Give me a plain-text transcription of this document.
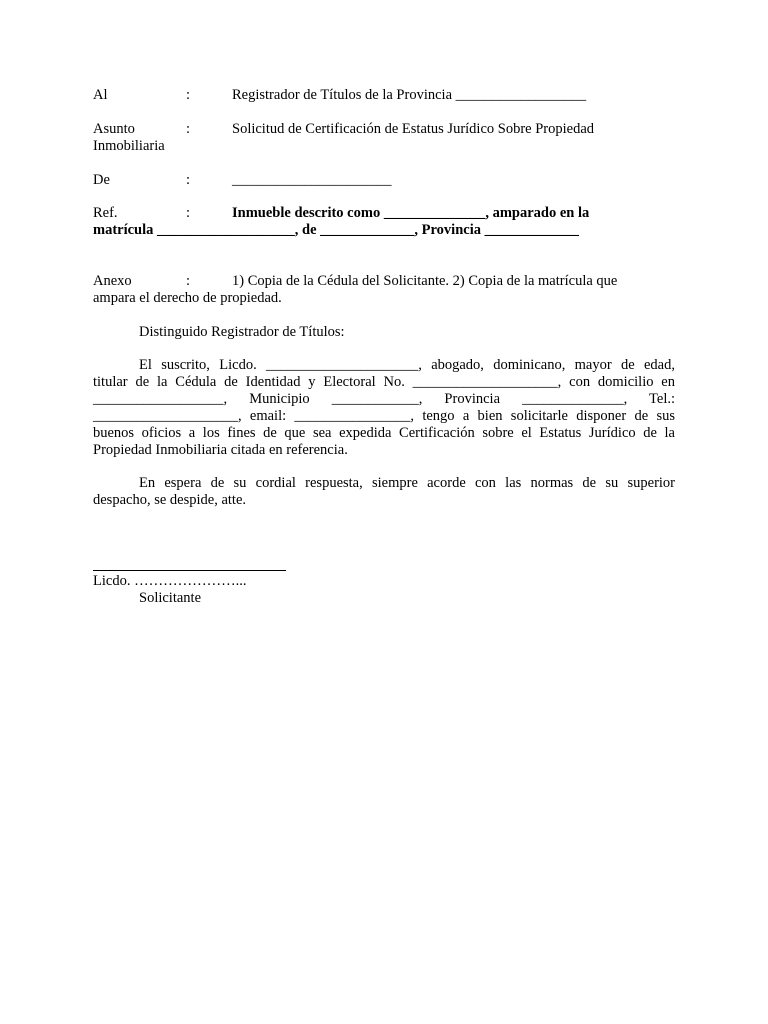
Al	:	Registrador de Títulos de la Provincia __________________
Asunto	:	Solicitud de Certificación de Estatus Jurídico Sobre Propiedad
Inmobiliaria
De	:	______________________
Ref.	:	Inmueble descrito como ______________, amparado en la
matrícula ___________________, de _____________, Provincia _____________
Anexo	:	1) Copia de la Cédula del Solicitante. 2) Copia de la matrícula que
ampara el derecho de propiedad.
Distinguido Registrador de Títulos:
El suscrito, Licdo. _____________________, abogado, dominicano, mayor de edad,
titular de la Cédula de Identidad y Electoral No. ____________________, con domicilio en
__________________, Municipio ____________, Provincia ______________, Tel.:
____________________, email: ________________, tengo a bien solicitarle disponer de sus
buenos oficios a los fines de que sea expedida Certificación sobre el Estatus Jurídico de la
Propiedad Inmobiliaria citada en referencia.
En espera de su cordial respuesta, siempre acorde con las normas de su superior
despacho, se despide, atte.
Licdo. …………………...
Solicitante
